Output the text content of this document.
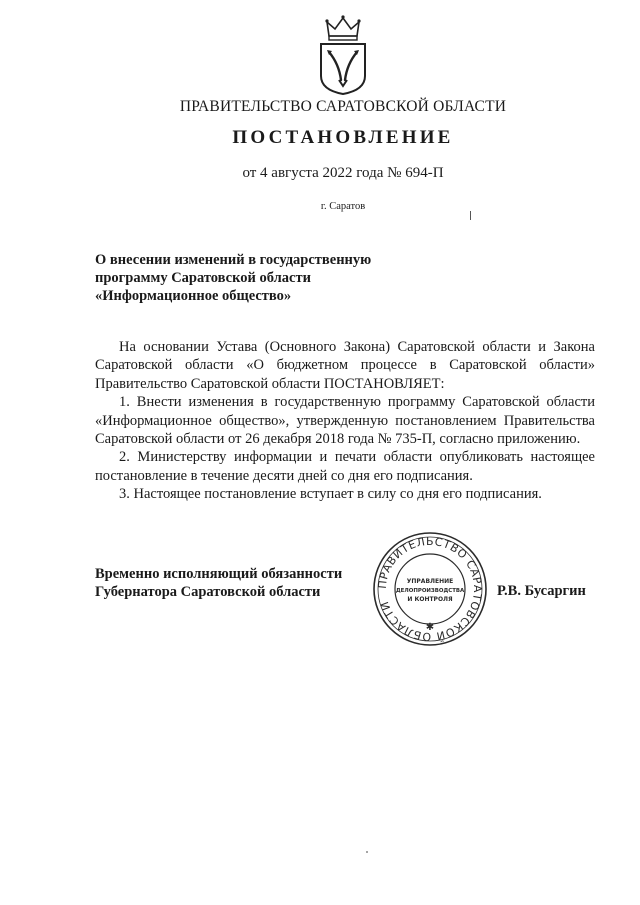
ПРАВИТЕЛЬСТВО САРАТОВСКОЙ ОБЛАСТИ
ПОСТАНОВЛЕНИЕ
от 4 августа 2022 года № 694-П
г. Саратов
О внесении изменений в государственную
программу Саратовской области
«Информационное общество»

На основании Устава (Основного Закона) Саратовской области и Закона Саратовской области «О бюджетном процессе в Саратовской области» Правительство Саратовской области ПОСТАНОВЛЯЕТ:

1. Внести изменения в государственную программу Саратовской области «Информационное общество», утвержденную постановлением Правительства Саратовской области от 26 декабря 2018 года № 735-П, согласно приложению.

2. Министерству информации и печати области опубликовать настоящее постановление в течение десяти дней со дня его подписания.

3. Настоящее постановление вступает в силу со дня его подписания.

Временно исполняющий обязанности
Губернатора Саратовской области	ПРАВИТЕЛЬСТВО САРАТОВСКОЙ ОБЛАСТИ
✱
УПРАВЛЕНИЕ
ДЕЛОПРОИЗВОДСТВА
И КОНТРОЛЯ
Р.В. Бусаргин
